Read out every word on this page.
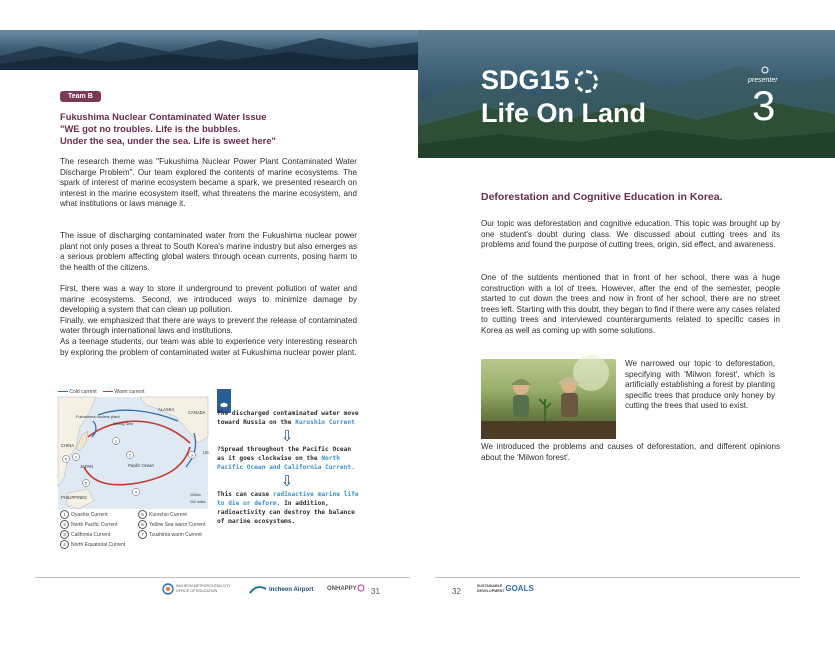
Team B
Fukushima Nuclear Contaminated Water Issue
"WE got no troubles. Life is the bubbles.
Under the sea, under the sea. Life is sweet here"
The research theme was "Fukushima Nuclear Power Plant Contaminated Water Discharge Problem". Our team explored the contents of marine ecosystems. The spark of interest of marine ecosystem became a spark, we presented research on interest in the marine ecosystem itself, what threatens the marine ecosystem, and what institutions or laws manage it.
The issue of discharging contaminated water from the Fukushima nuclear power plant not only poses a threat to South Korea's marine industry but also emerges as a serious problem affecting global waters through ocean currents, posing harm to the health of the citizens.
First, there was a way to store it underground to prevent pollution of water and marine ecosystems. Second, we introduced ways to minimize damage by developing a system that can clean up pollution.
Finally, we emphasized that there are ways to prevent the release of contaminated water through international laws and institutions.
As a teenage students, our team was able to experience very interesting research by exploring the problem of contaminated water at Fukushima nuclear power plant.
Cold current	Warm current
Fukushima nuclear plant
Bering Sea
ALASKA
CANADA
CHINA
JAPAN	Pacific Ocean
US
PHILIPPINES	100km
100 miles
1
2	3
4
5
6 7
1 Oyashio Current
2 North Pacific Current
3 California Current
4 North Equatorial Current
5 Kuroshio Current
6 Yellow Sea warm Current
7 Tsushima warm Current
The discharged contaminated water move toward Russia on the Kuroshio Current
⇩
?Spread throughout the Pacific Ocean as it goes clockwise on the North Pacific Ocean and California Current.
⇩
This can cause radioactive marine life to die or deform. In addition, radioactivity can destroy the balance of marine ecosystems.
INCHEON METROPOLITAN CITY
OFFICE OF EDUCATION	Incheon Airport ONHAPPY 31
SDG15
Life On Land
presenter
3
Deforestation and Cognitive Education in Korea.
Our topic was deforestation and cognitive education. This topic was brought up by one student's doubt during class. We discussed about cutting trees and its problems and found the purpose of cutting trees, origin, sid effect, and awareness.
One of the sutdents mentioned that in front of her school, there was a huge construction with a lot of trees. However, after the end of the semester, people started to cut down the trees and now in front of her school, there are no street trees left. Starting with this doubt, they began to find if there were any cases related to cutting trees and interviewed counterarguments related to specific cases in Korea as well as coming up with some solutions.
We narrowed our topic to deforestation, specifying with 'Milwon forest', which is artificially establishing a forest by planting specific trees that produce only honey by cutting the trees that used to exist.
We introduced the problems and causes of deforestation, and different opinions about the 'Milwon forest'.
32
SUSTAINABLE
DEVELOPMENT GOALS
